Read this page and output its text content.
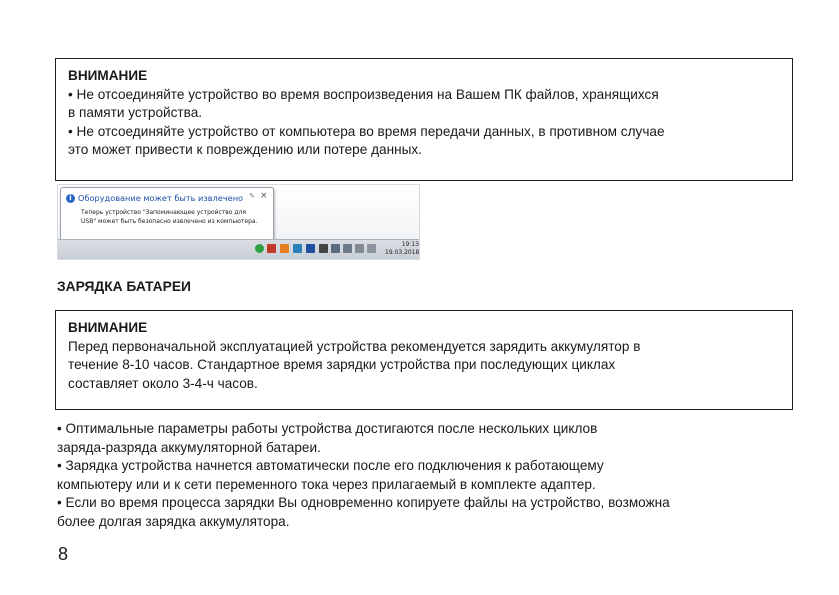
ВНИМАНИЕ

• Не отсоединяйте устройство во время воспроизведения на Вашем ПК файлов, хранящихся

в памяти устройства.

• Не отсоединяйте устройство от компьютера во время передачи данных, в противном случае

это может привести к повреждению или потере данных.

i Оборудование может быть извлечено ✎ ×
Теперь устройство "Запоминающее устройство для
USB" может быть безопасно извлечено из компьютера.
19:13
19.03.2018
ЗАРЯДКА БАТАРЕИ
ВНИМАНИЕ

Перед первоначальной эксплуатацией устройства рекомендуется зарядить аккумулятор в

течение 8-10 часов. Стандартное время зарядки устройства при последующих циклах

составляет около 3-4-ч часов.

• Оптимальные параметры работы устройства достигаются после нескольких циклов

заряда-разряда аккумуляторной батареи.

• Зарядка устройства начнется автоматически после его подключения к работающему

компьютеру или и к сети переменного тока через прилагаемый в комплекте адаптер.

• Если во время процесса зарядки Вы одновременно копируете файлы на устройство, возможна

более долгая зарядка аккумулятора.

8
